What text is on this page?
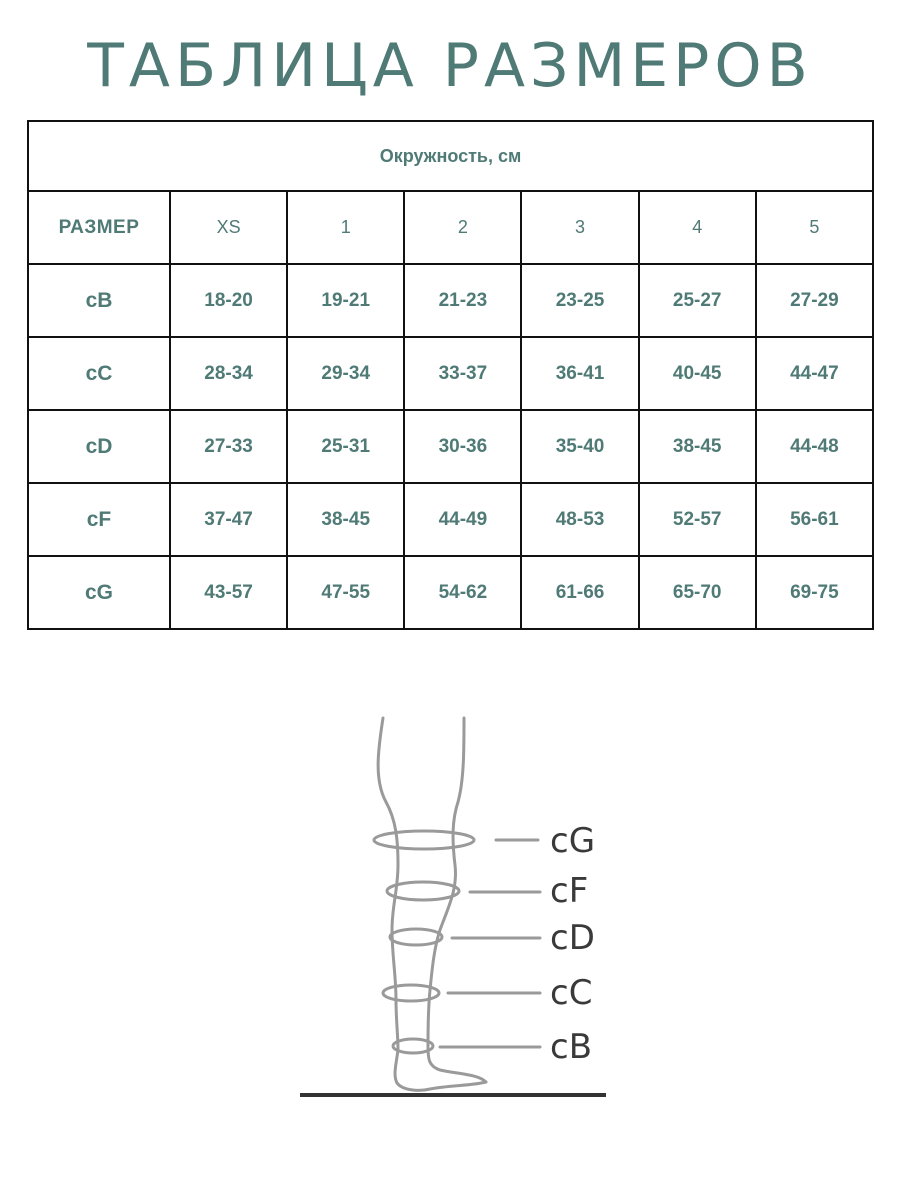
ТАБЛИЦА РАЗМЕРОВ
Окружность, см						
РАЗМЕР	XS	1	2	3	4	5
cB	18-20	19-21	21-23	23-25	25-27	27-29
cC	28-34	29-34	33-37	36-41	40-45	44-47
cD	27-33	25-31	30-36	35-40	38-45	44-48
cF	37-47	38-45	44-49	48-53	52-57	56-61
cG	43-57	47-55	54-62	61-66	65-70	69-75
cG
cF
cD
cC
cB
